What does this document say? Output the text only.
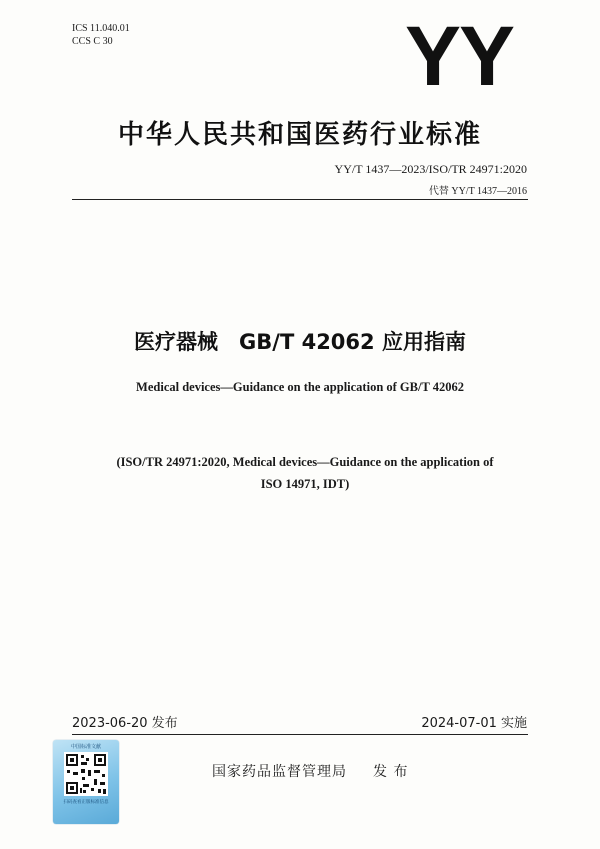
ICS 11.040.01
CCS C 30	YY
中华人民共和国医药行业标准
YY/T 1437—2023/ISO/TR 24971:2020
代替 YY/T 1437—2016
医疗器械　GB/T 42062 应用指南
Medical devices—Guidance on the application of GB/T 42062
(ISO/TR 24971:2020, Medical devices—Guidance on the application of
ISO 14971, IDT)
2023-06-20 发布	2024-07-01 实施
中国标准文献
扫码查看正版标准信息
国家药品监督管理局 发 布
